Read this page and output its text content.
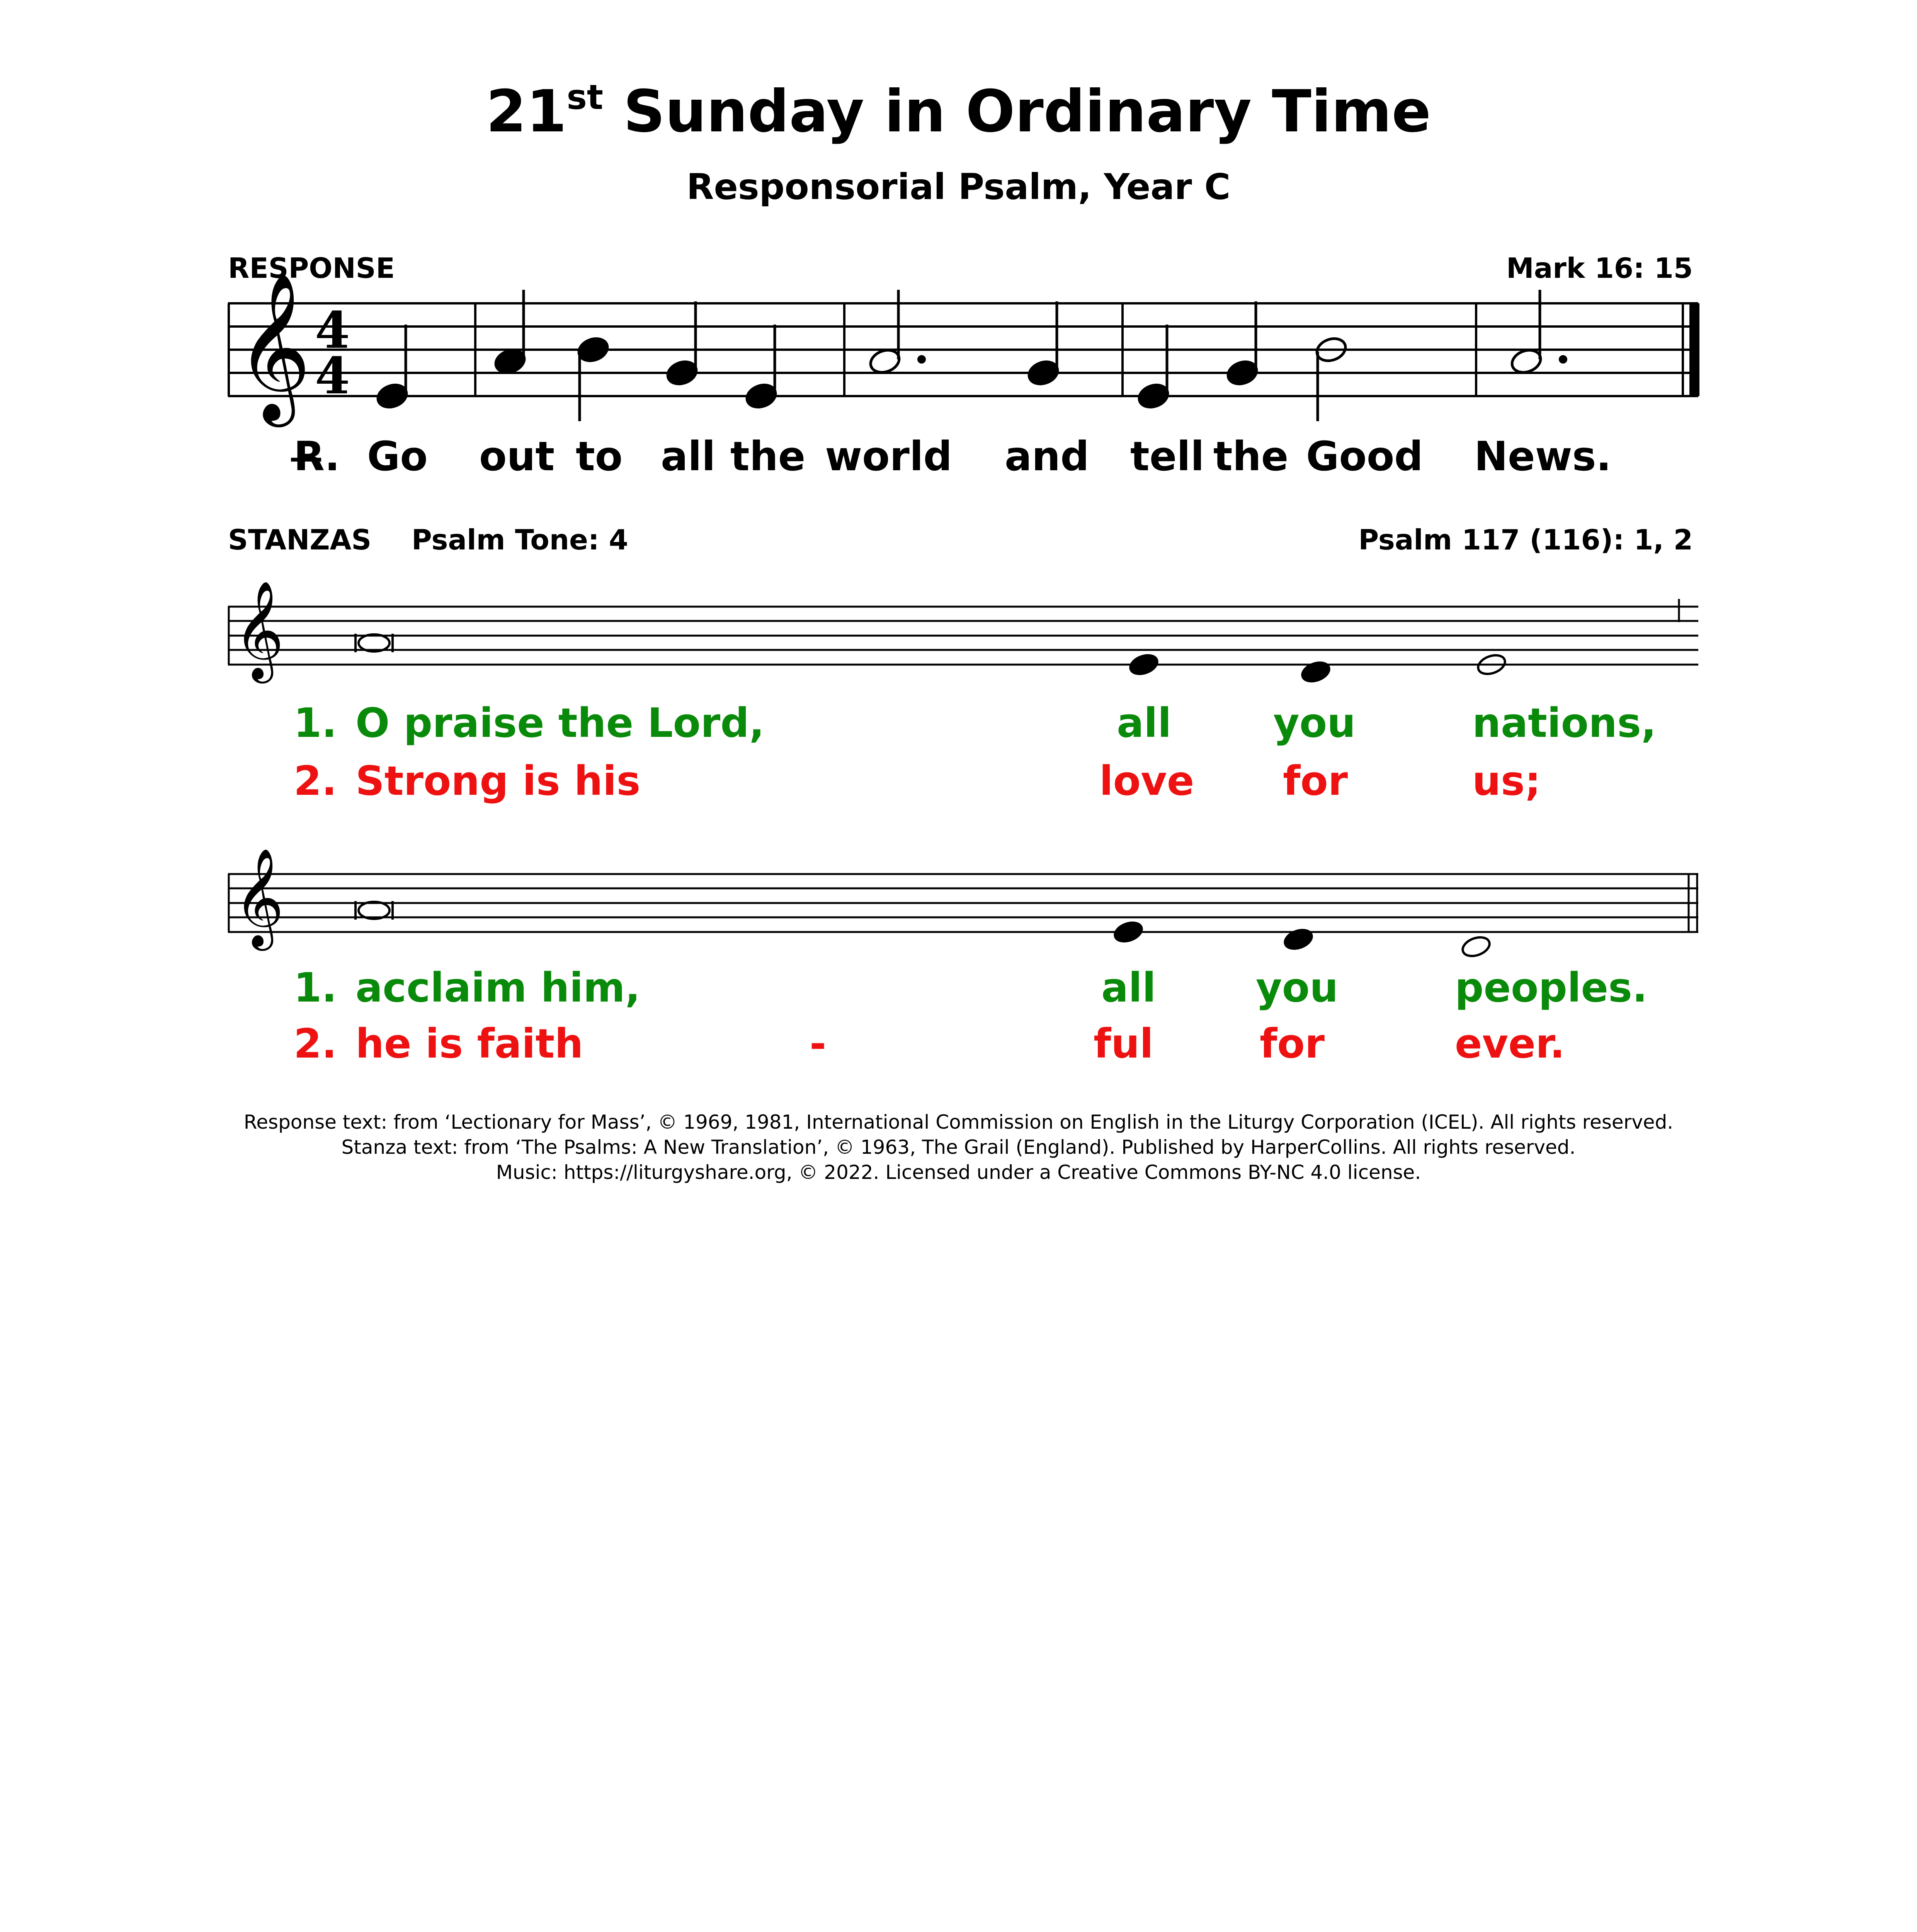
21st Sunday in Ordinary Time
Responsorial Psalm, Year C
RESPONSE	Mark 16: 15
𝄞 4
4
𝄞
𝄞
R̶. Go out to all the world and tell the Good News.
STANZAS Psalm Tone: 4	Psalm 117 (116): 1, 2
1. O praise the Lord,	all	you	nations,
2. Strong is his	love for	us;
1. acclaim him,	all you	peoples.
2. he is faith	-	ful	for	ever.
Response text: from ‘Lectionary for Mass’, © 1969, 1981, International Commission on English in the Liturgy Corporation (ICEL). All rights reserved.
Stanza text: from ‘The Psalms: A New Translation’, © 1963, The Grail (England). Published by HarperCollins. All rights reserved.
Music: https://liturgyshare.org, © 2022. Licensed under a Creative Commons BY-NC 4.0 license.
